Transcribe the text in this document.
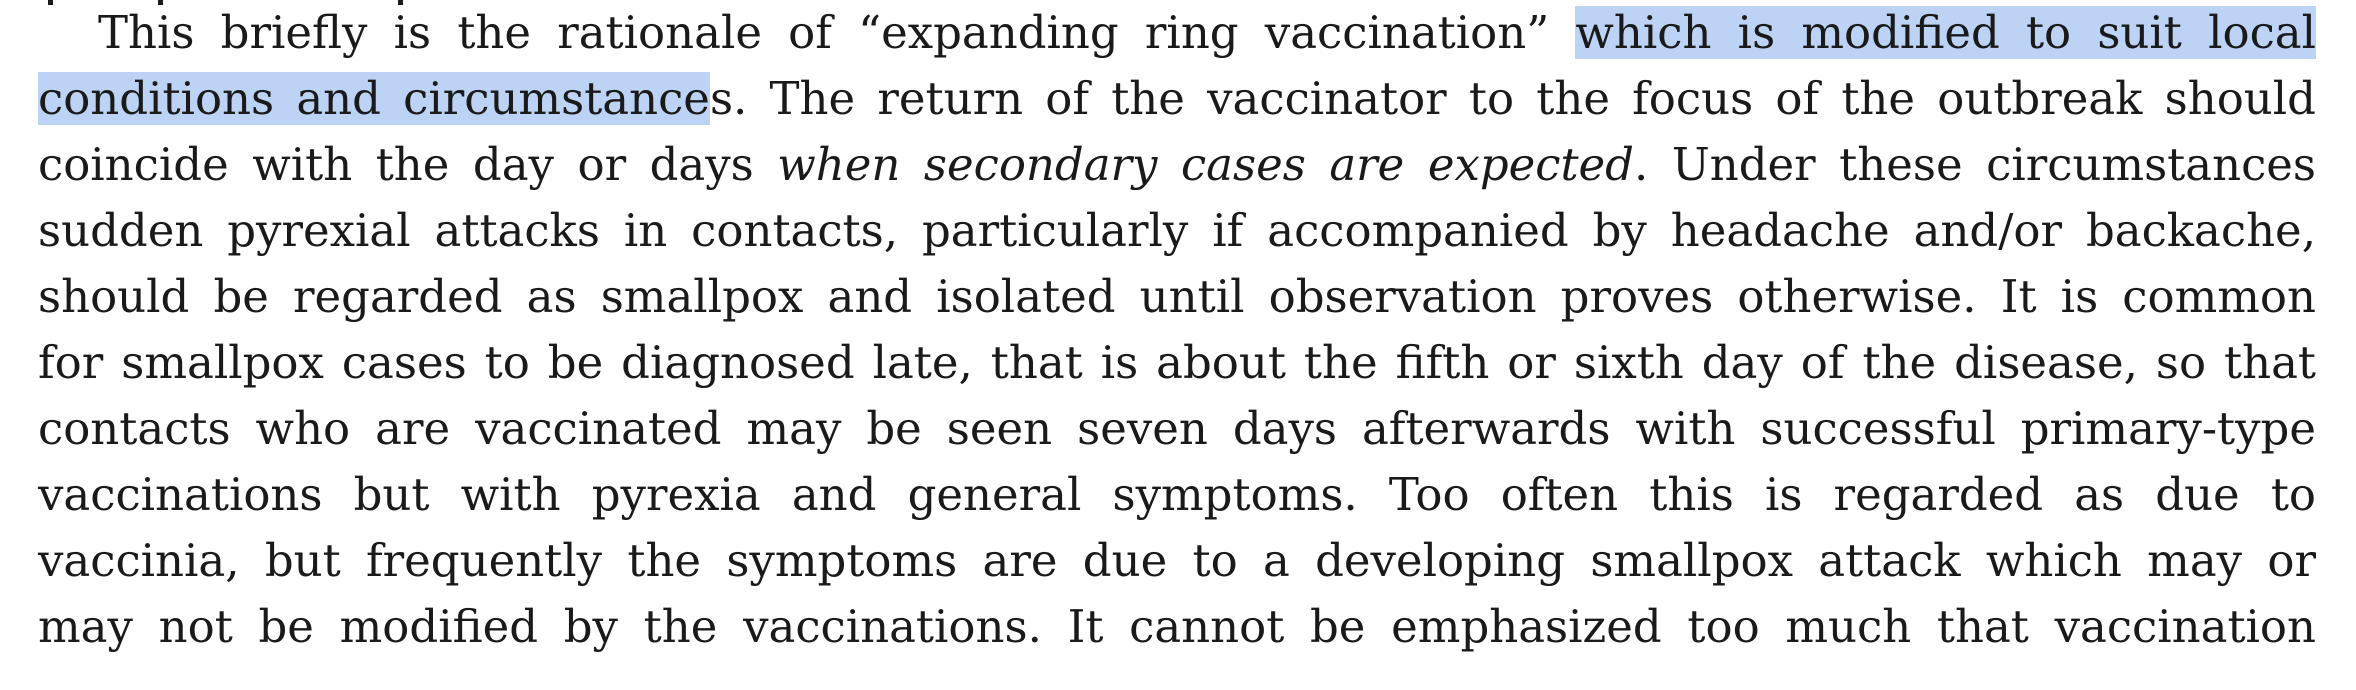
This briefly is the rationale of “expanding ring vaccination” which is modified to suit local

conditions and circumstances. The return of the vaccinator to the focus of the outbreak should

coincide with the day or days when secondary cases are expected. Under these circumstances

sudden pyrexial attacks in contacts, particularly if accompanied by headache and/or backache,

should be regarded as smallpox and isolated until observation proves otherwise. It is common

for smallpox cases to be diagnosed late, that is about the fifth or sixth day of the disease, so that

contacts who are vaccinated may be seen seven days afterwards with successful primary-type

vaccinations but with pyrexia and general symptoms. Too often this is regarded as due to

vaccinia, but frequently the symptoms are due to a developing smallpox attack which may or

may not be modified by the vaccinations. It cannot be emphasized too much that vaccination
